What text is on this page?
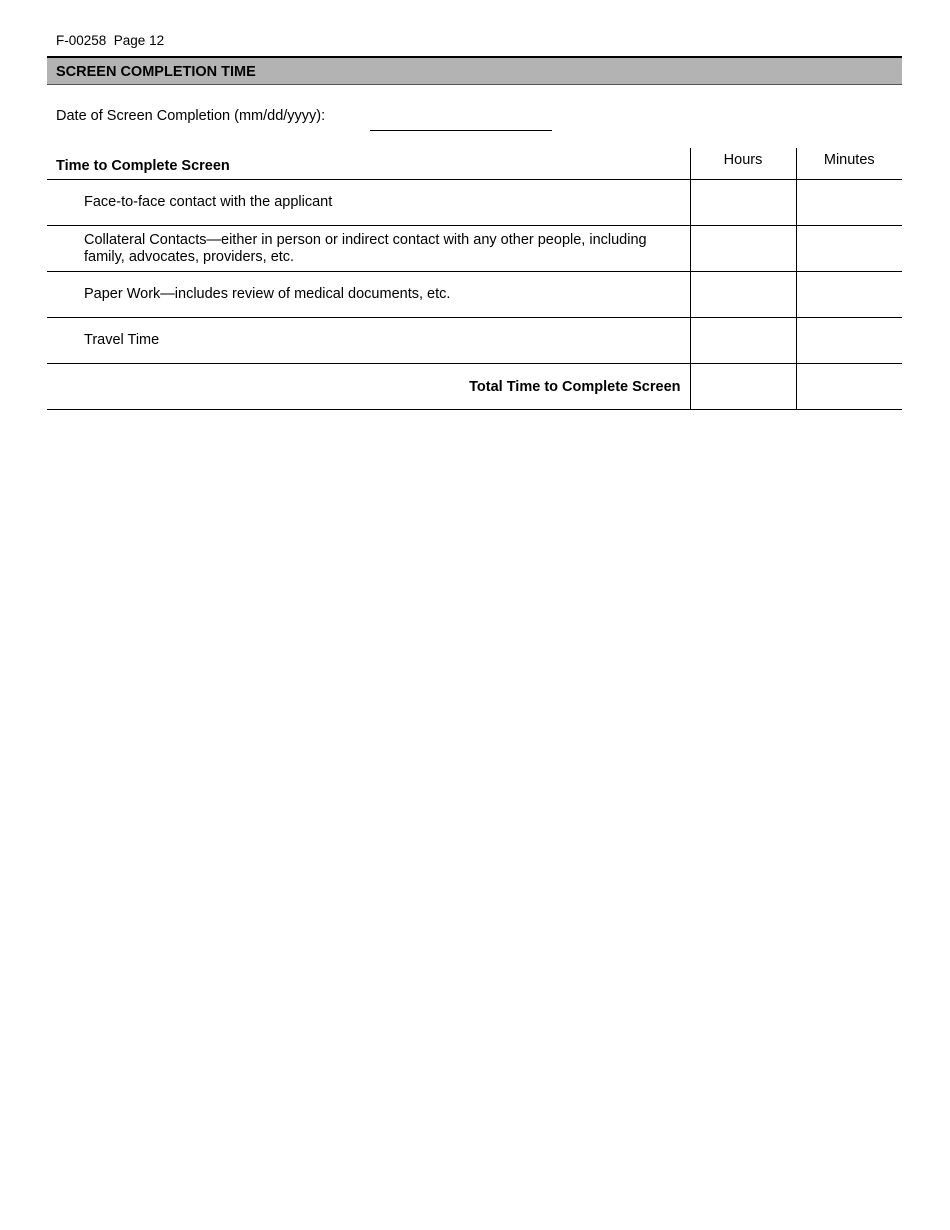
F-00258  Page 12
SCREEN COMPLETION TIME
Date of Screen Completion (mm/dd/yyyy):
Time to Complete Screen	Hours	Minutes
Face-to-face contact with the applicant		
Collateral Contacts—either in person or indirect contact with any other people, including family, advocates, providers, etc.		
Paper Work—includes review of medical documents, etc.		
Travel Time		
Total Time to Complete Screen		
